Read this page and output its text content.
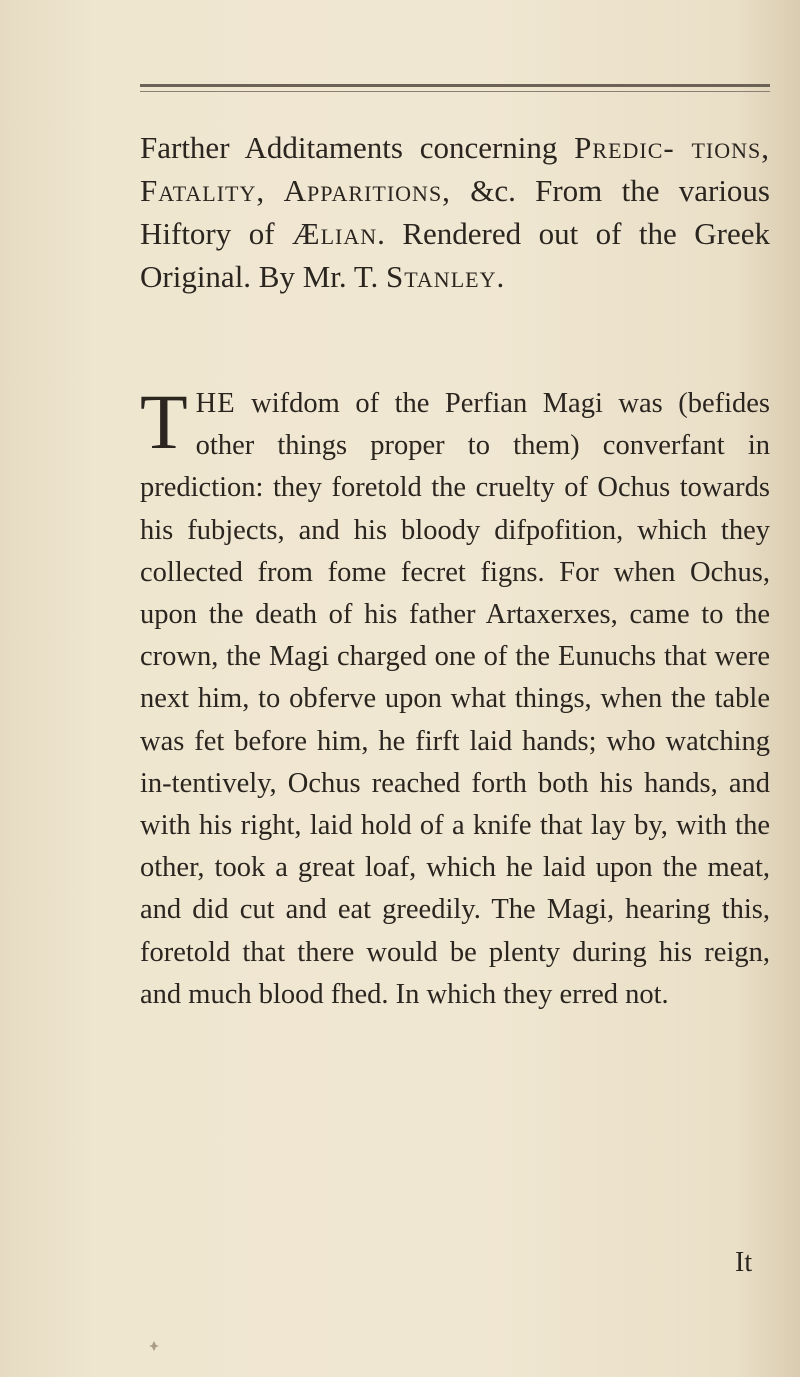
Farther Additaments concerning Predic- tions, Fatality, Apparitions, &c. From the various Hiftory of Ælian. Rendered out of the Greek Original. By Mr. T. Stanley.

THE wifdom of the Perfian Magi was (befides other things proper to them) converfant in prediction: they foretold the cruelty of Ochus towards his fubjects, and his bloody difpofition, which they collected from fome fecret figns. For when Ochus, upon the death of his father Artaxerxes, came to the crown, the Magi charged one of the Eunuchs that were next him, to obferve upon what things, when the table was fet before him, he firft laid hands; who watching in-tentively, Ochus reached forth both his hands, and with his right, laid hold of a knife that lay by, with the other, took a great loaf, which he laid upon the meat, and did cut and eat greedily. The Magi, hearing this, foretold that there would be plenty during his reign, and much blood fhed. In which they erred not.

It
